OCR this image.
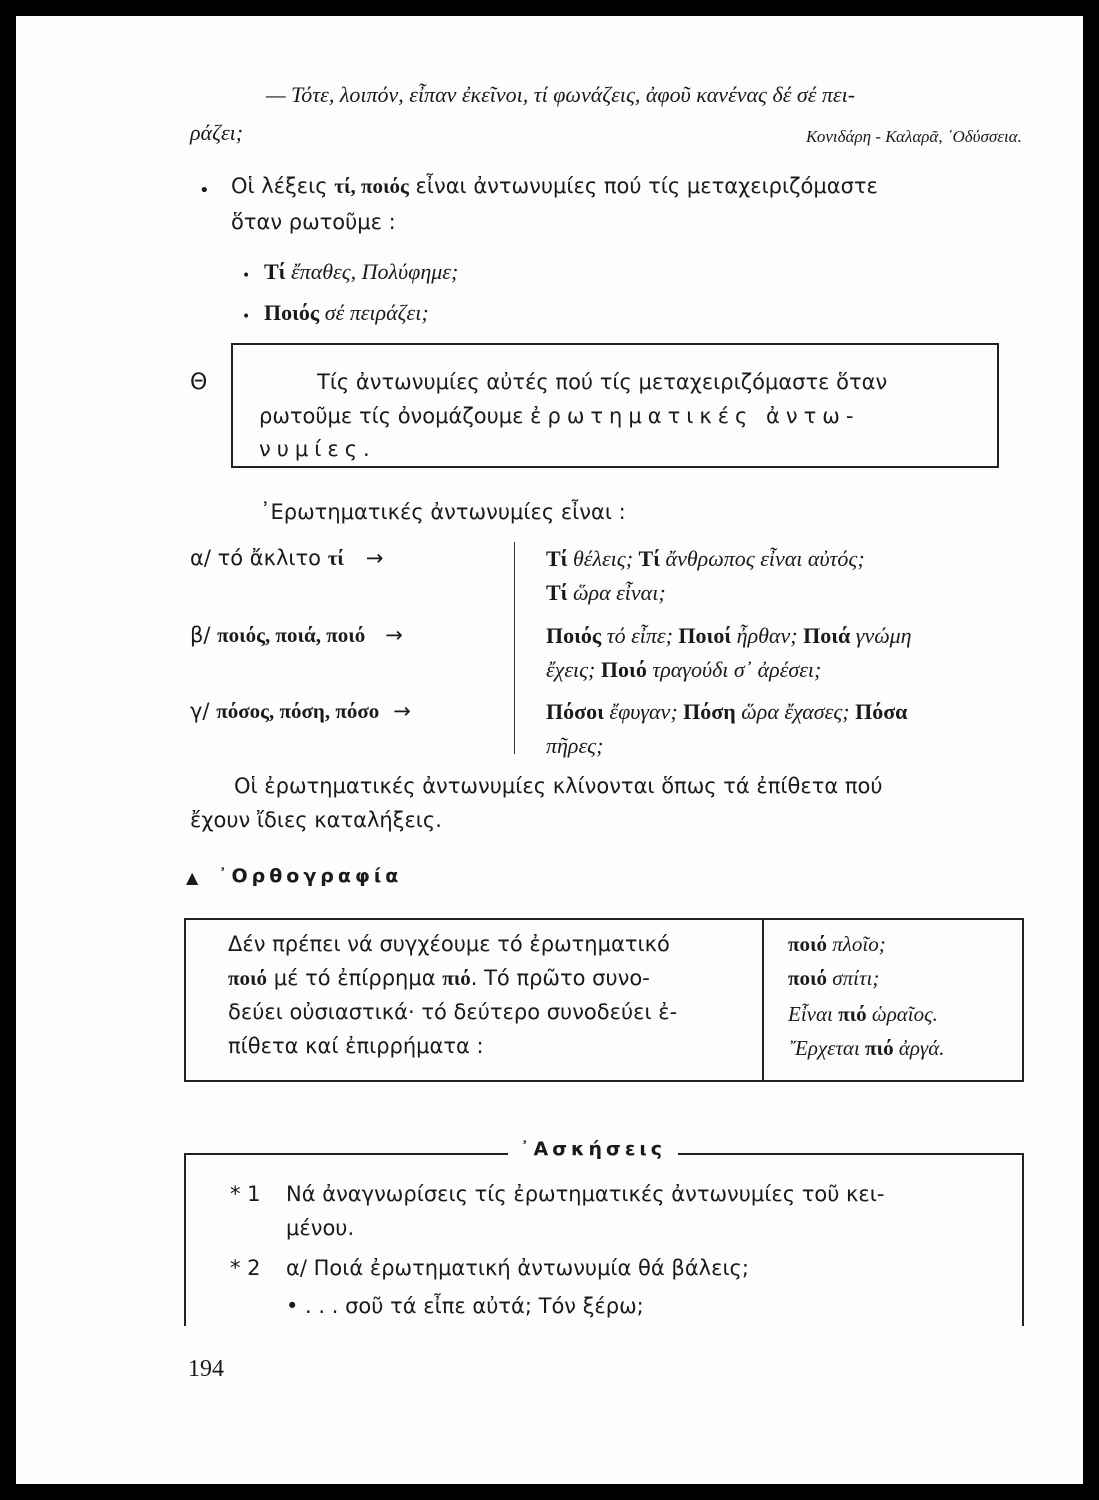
— Τότε, λοιπόν, εἶπαν ἐκεῖνοι, τί φωνάζεις, ἀφοῦ κανένας δέ σέ πει-
ράζει;	Κονιδάρη - Καλαρᾶ, ᾿Οδύσσεια.
• Οἱ λέξεις τί, ποιός εἶναι ἀντωνυμίες πού τίς μεταχειριζόμαστε
ὅταν ρωτοῦμε :
• Τί ἔπαθες, Πολύφημε;
• Ποιός σέ πειράζει;
Θ	Τίς ἀντωνυμίες αὐτές πού τίς μεταχειριζόμαστε ὅταν
ρωτοῦμε τίς ὀνομάζουμε ἐρωτηματικές ἀντω-
νυμίες.
᾿Ερωτηματικές ἀντωνυμίες εἶναι :
α/ τό ἄκλιτο τί →	Τί θέλεις; Τί ἄνθρωπος εἶναι αὐτός;
Τί ὥρα εἶναι;
β/ ποιός, ποιά, ποιό →	Ποιός τό εἶπε; Ποιοί ἦρθαν; Ποιά γνώμη
ἔχεις; Ποιό τραγούδι σ᾿ ἀρέσει;
γ/ πόσος, πόση, πόσο →	Πόσοι ἔφυγαν; Πόση ὥρα ἔχασες; Πόσα
πῆρες;
Οἱ ἐρωτηματικές ἀντωνυμίες κλίνονται ὅπως τά ἐπίθετα πού
ἔχουν ἴδιες καταλήξεις.
▲ ᾿Ορθογραφία
Δέν πρέπει νά συγχέουμε τό ἐρωτηματικό
ποιό μέ τό ἐπίρρημα πιό. Τό πρῶτο συνο-
δεύει οὐσιαστικά· τό δεύτερο συνοδεύει ἐ-
πίθετα καί ἐπιρρήματα :
ποιό πλοῖο;
ποιό σπίτι;
Εἶναι πιό ὡραῖος.
῎Ερχεται πιό ἀργά.
᾿Ασκήσεις
* 1 Νά ἀναγνωρίσεις τίς ἐρωτηματικές ἀντωνυμίες τοῦ κει-
μένου.
* 2 α/ Ποιά ἐρωτηματική ἀντωνυμία θά βάλεις;
• . . . σοῦ τά εἶπε αὐτά; Τόν ξέρω;
194
